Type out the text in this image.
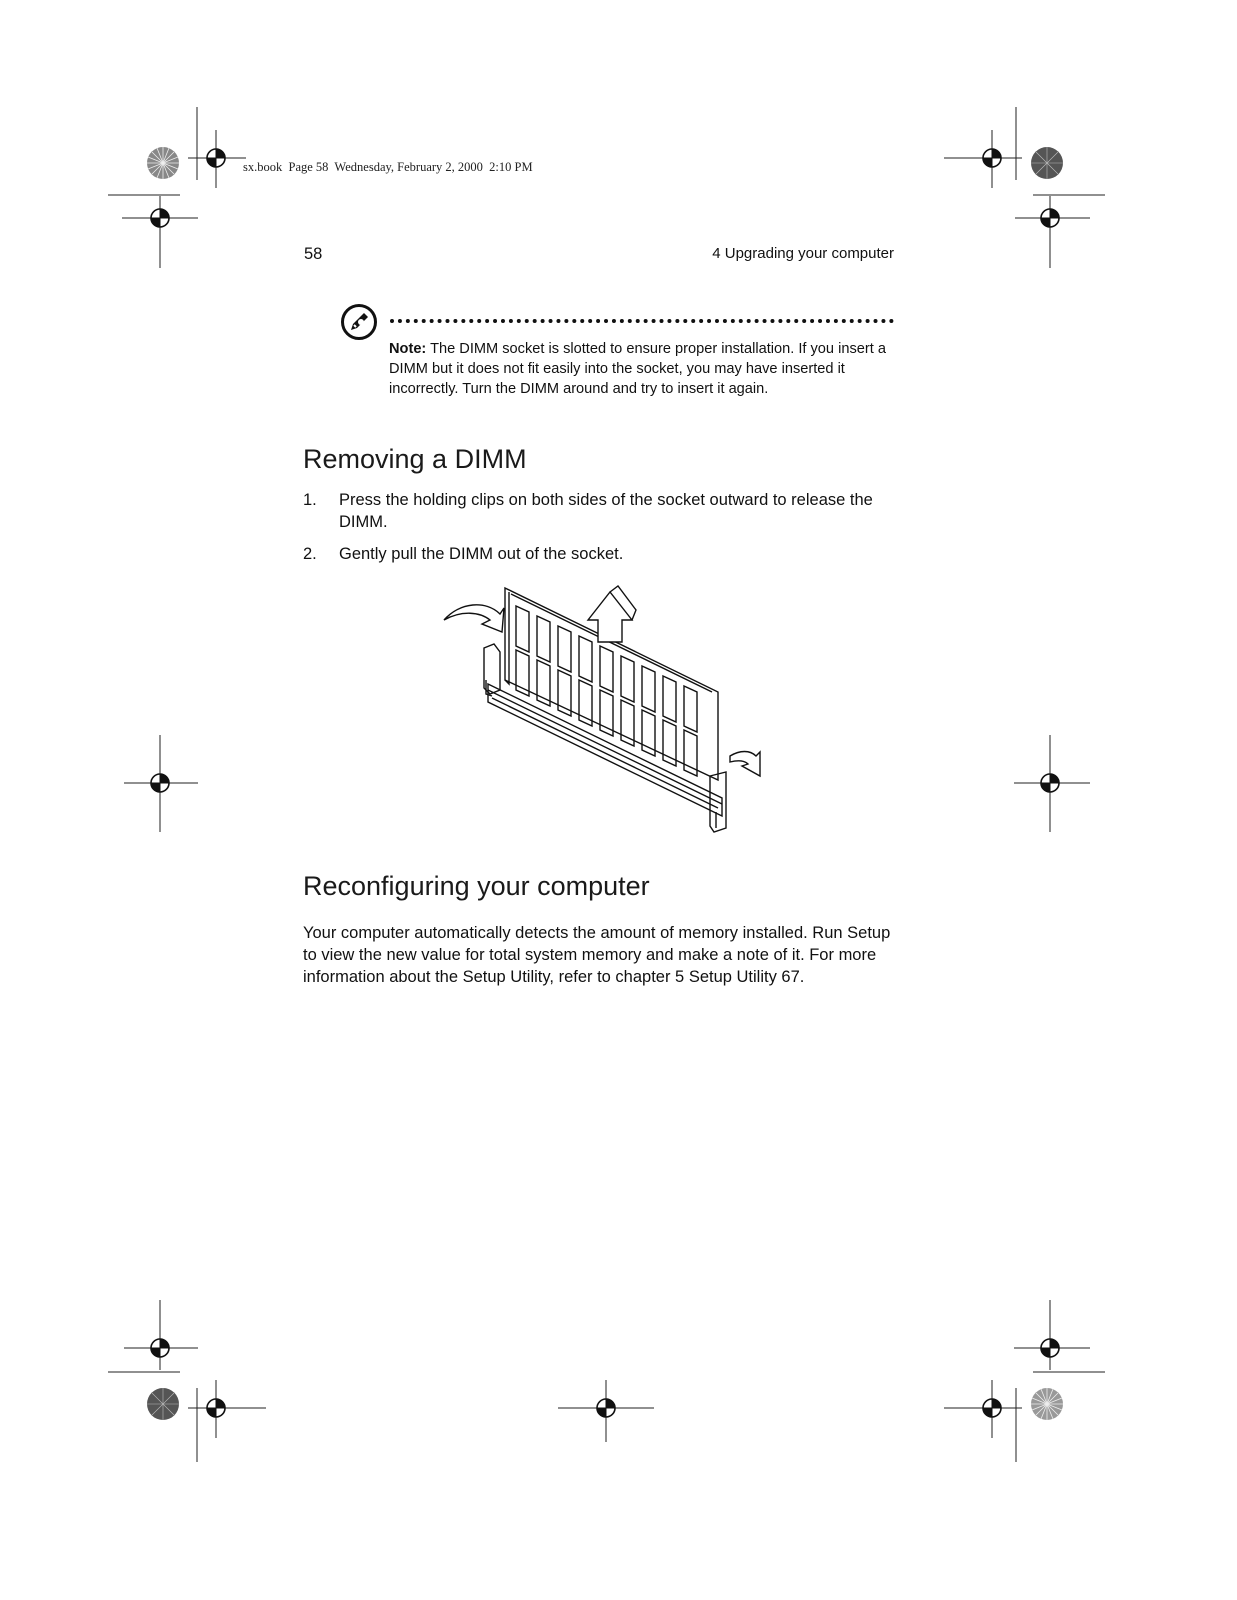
sx.book  Page 58  Wednesday, February 2, 2000  2:10 PM
58	4 Upgrading your computer
Note: The DIMM socket is slotted to ensure proper installation. If you insert a DIMM but it does not fit easily into the socket, you may have inserted it incorrectly. Turn the DIMM around and try to insert it again.
Removing a DIMM
1. Press the holding clips on both sides of the socket outward to release the DIMM.
2. Gently pull the DIMM out of the socket.
Reconfiguring your computer

Your computer automatically detects the amount of memory installed. Run Setup to view the new value for total system memory and make a note of it. For more information about the Setup Utility, refer to chapter 5 Setup Utility 67.
